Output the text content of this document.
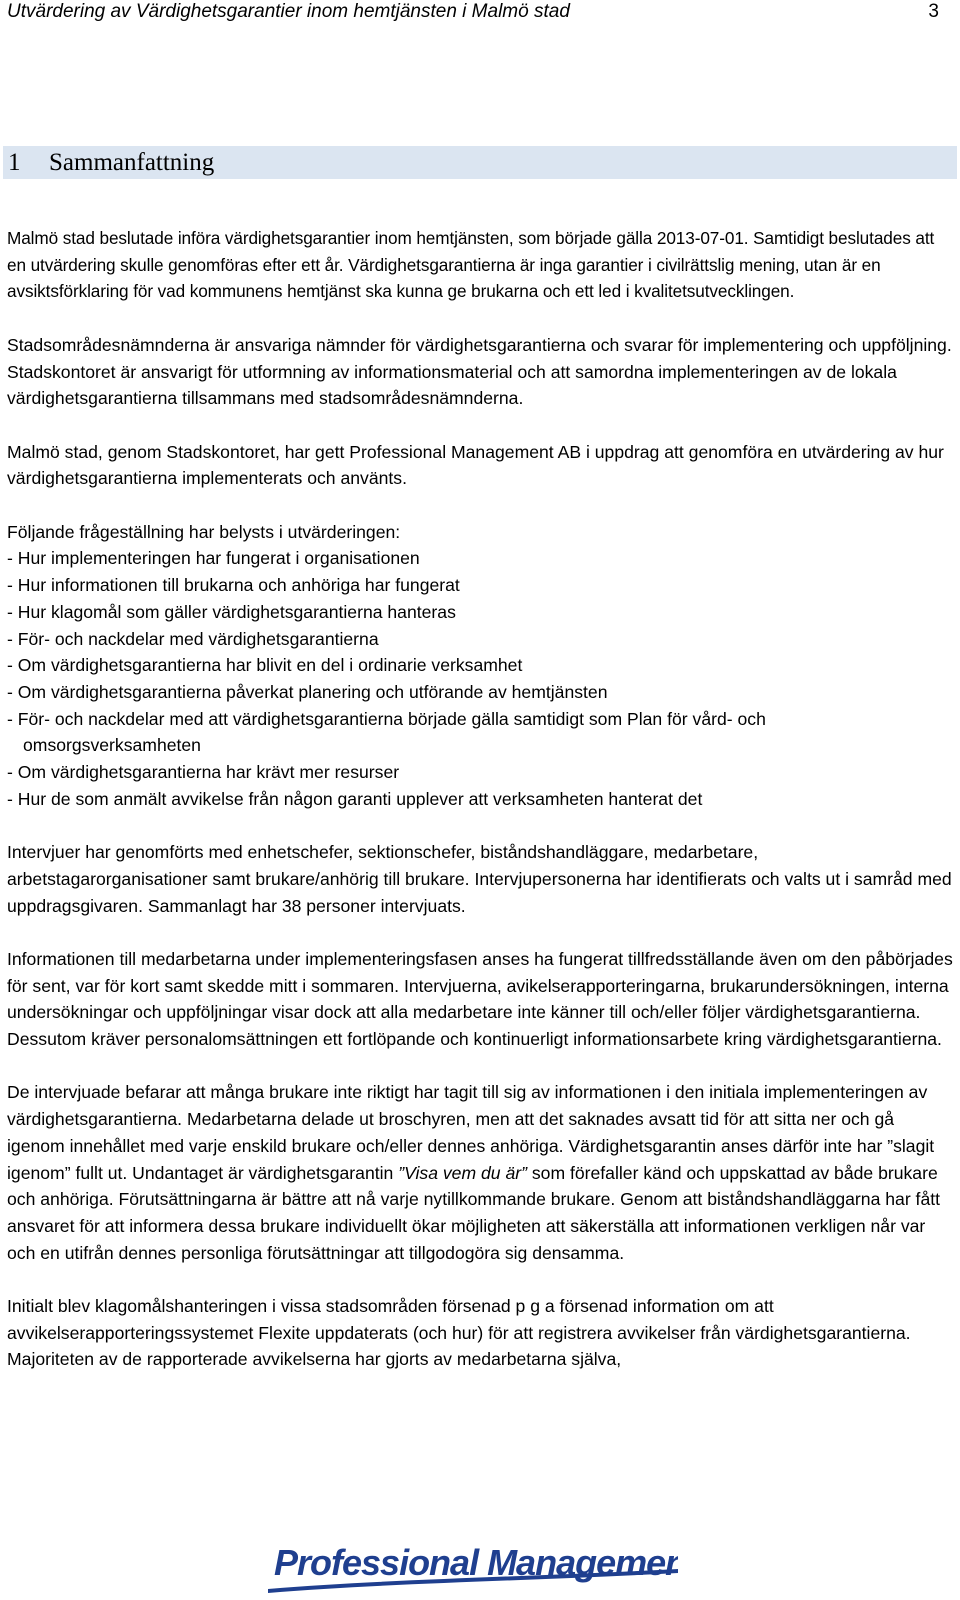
Utvärdering av Värdighetsgarantier inom hemtjänsten i Malmö stad	3
1 Sammanfattning

Malmö stad beslutade införa värdighetsgarantier inom hemtjänsten, som började gälla 2013-07-01. Samtidigt beslutades att en utvärdering skulle genomföras efter ett år. Värdighetsgarantierna är inga garantier i civilrättslig mening, utan är en avsiktsförklaring för vad kommunens hemtjänst ska kunna ge brukarna och ett led i kvalitetsutvecklingen.

Stadsområdesnämnderna är ansvariga nämnder för värdighetsgarantierna och svarar för implementering och uppföljning. Stadskontoret är ansvarigt för utformning av informationsmaterial och att samordna implementeringen av de lokala värdighetsgarantierna tillsammans med stadsområdesnämnderna.

Malmö stad, genom Stadskontoret, har gett Professional Management AB i uppdrag att genomföra en utvärdering av hur värdighetsgarantierna implementerats och använts.

Följande frågeställning har belysts i utvärderingen:

- Hur implementeringen har fungerat i organisationen
- Hur informationen till brukarna och anhöriga har fungerat
- Hur klagomål som gäller värdighetsgarantierna hanteras
- För- och nackdelar med värdighetsgarantierna
- Om värdighetsgarantierna har blivit en del i ordinarie verksamhet
- Om värdighetsgarantierna påverkat planering och utförande av hemtjänsten
- För- och nackdelar med att värdighetsgarantierna började gälla samtidigt som Plan för vård- och
omsorgsverksamheten
- Om värdighetsgarantierna har krävt mer resurser
- Hur de som anmält avvikelse från någon garanti upplever att verksamheten hanterat det

Intervjuer har genomförts med enhetschefer, sektionschefer, biståndshandläggare, medarbetare, arbetstagarorganisationer samt brukare/anhörig till brukare. Intervjupersonerna har identifierats och valts ut i samråd med uppdragsgivaren. Sammanlagt har 38 personer intervjuats.

Informationen till medarbetarna under implementeringsfasen anses ha fungerat tillfredsställande även om den påbörjades för sent, var för kort samt skedde mitt i sommaren. Intervjuerna, avikelserapporteringarna, brukarundersökningen, interna undersökningar och uppföljningar visar dock att alla medarbetare inte känner till och/eller följer värdighetsgarantierna. Dessutom kräver personalomsättningen ett fortlöpande och kontinuerligt informationsarbete kring värdighetsgarantierna.

De intervjuade befarar att många brukare inte riktigt har tagit till sig av informationen i den initiala implementeringen av värdighetsgarantierna. Medarbetarna delade ut broschyren, men att det saknades avsatt tid för att sitta ner och gå igenom innehållet med varje enskild brukare och/eller dennes anhöriga. Värdighetsgarantin anses därför inte har ”slagit igenom” fullt ut. Undantaget är värdighetsgarantin ”Visa vem du är” som förefaller känd och uppskattad av både brukare och anhöriga. Förutsättningarna är bättre att nå varje nytillkommande brukare. Genom att biståndshandläggarna har fått ansvaret för att informera dessa brukare individuellt ökar möjligheten att säkerställa att informationen verkligen når var och en utifrån dennes personliga förutsättningar att tillgodogöra sig densamma.

Initialt blev klagomålshanteringen i vissa stadsområden försenad p g a försenad information om att avvikelserapporteringssystemet Flexite uppdaterats (och hur) för att registrera avvikelser från värdighetsgarantierna. Majoriteten av de rapporterade avvikelserna har gjorts av medarbetarna själva,

Professional Management
